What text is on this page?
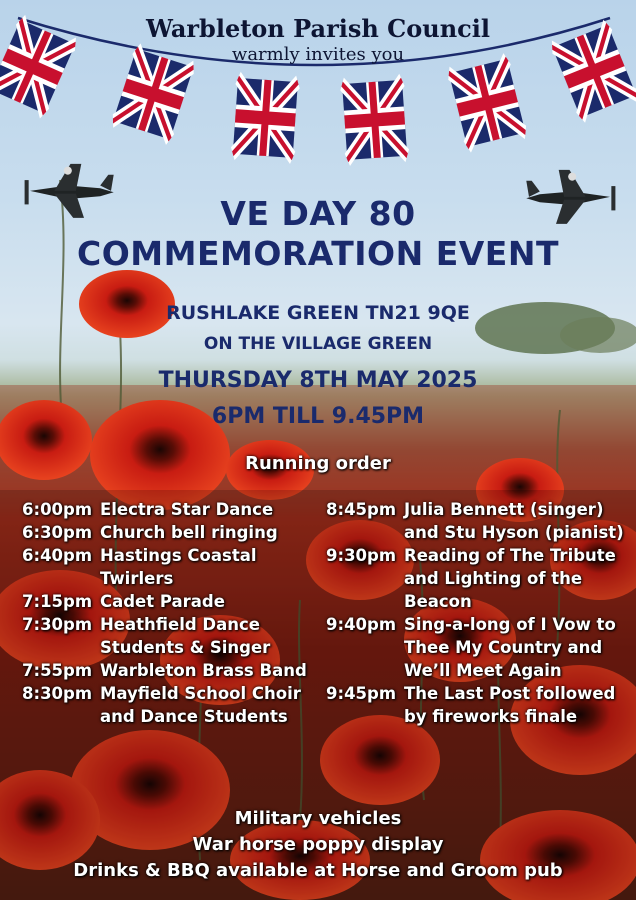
Warbleton Parish Council
warmly invites you
VE DAY 80
COMMEMORATION EVENT
RUSHLAKE GREEN TN21 9QE
ON THE VILLAGE GREEN
THURSDAY 8TH MAY 2025
6PM TILL 9.45PM
Running order
6:00pm Electra Star Dance
6:30pm Church bell ringing
6:40pm Hastings Coastal Twirlers
7:15pm Cadet Parade
7:30pm Heathfield Dance Students & Singer
7:55pm Warbleton Brass Band
8:30pm Mayfield School Choir and Dance Students
8:45pm Julia Bennett (singer) and Stu Hyson (pianist)
9:30pm Reading of The Tribute and Lighting of the Beacon
9:40pm Sing-a-long of I Vow to Thee My Country and We’ll Meet Again
9:45pm The Last Post followed by fireworks finale
Military vehicles
War horse poppy display
Drinks & BBQ available at Horse and Groom pub
